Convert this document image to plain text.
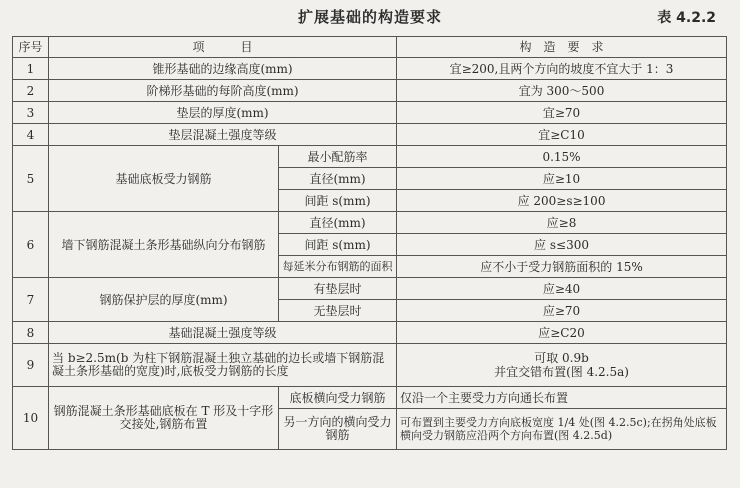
扩展基础的构造要求	表 4.2.2
序号	项　　　目		构　造　要　求
1	锥形基础的边缘高度(mm)		宜≥200,且两个方向的坡度不宜大于 1：3
2	阶梯形基础的每阶高度(mm)		宜为 300～500
3	垫层的厚度(mm)		宜≥70
4	垫层混凝土强度等级		宜≥C10
5	基础底板受力钢筋	最小配筋率	0.15%
		直径(mm)	应≥10
		间距 s(mm)	应 200≥s≥100
6	墙下钢筋混凝土条形基础纵向分布钢筋	直径(mm)	应≥8
		间距 s(mm)	应 s≤300
		每延米分布钢筋的面积	应不小于受力钢筋面积的 15%
7	钢筋保护层的厚度(mm)	有垫层时	应≥40
		无垫层时	应≥70
8	基础混凝土强度等级		应≥C20
9	当 b≥2.5m(b 为柱下钢筋混凝土独立基础的边长或墙下钢筋混凝土条形基础的宽度)时,底板受力钢筋的长度		可取 0.9b
并宜交错布置(图 4.2.5a)

10	钢筋混凝土条形基础底板在 T 形及十字形交接处,钢筋布置	底板横向受力钢筋	仅沿一个主要受力方向通长布置
		另一方向的横向受力钢筋	可布置到主要受力方向底板宽度 1/4 处(图 4.2.5c);在拐角处底板横向受力钢筋应沿两个方向布置(图 4.2.5d)
